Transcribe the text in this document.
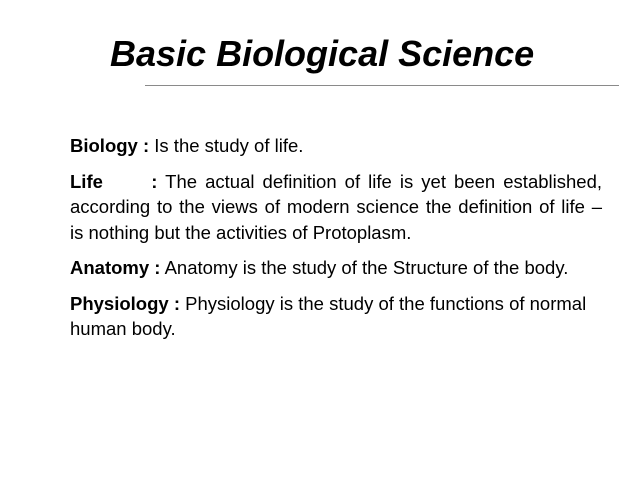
Basic Biological Science

Biology : Is the study of life.

Life      : The actual definition of life is yet been established, according to the views of modern science the definition of life – is nothing but the activities of Protoplasm.

Anatomy : Anatomy is the study of the Structure of the body.

Physiology : Physiology is the study of the functions of normal human body.
